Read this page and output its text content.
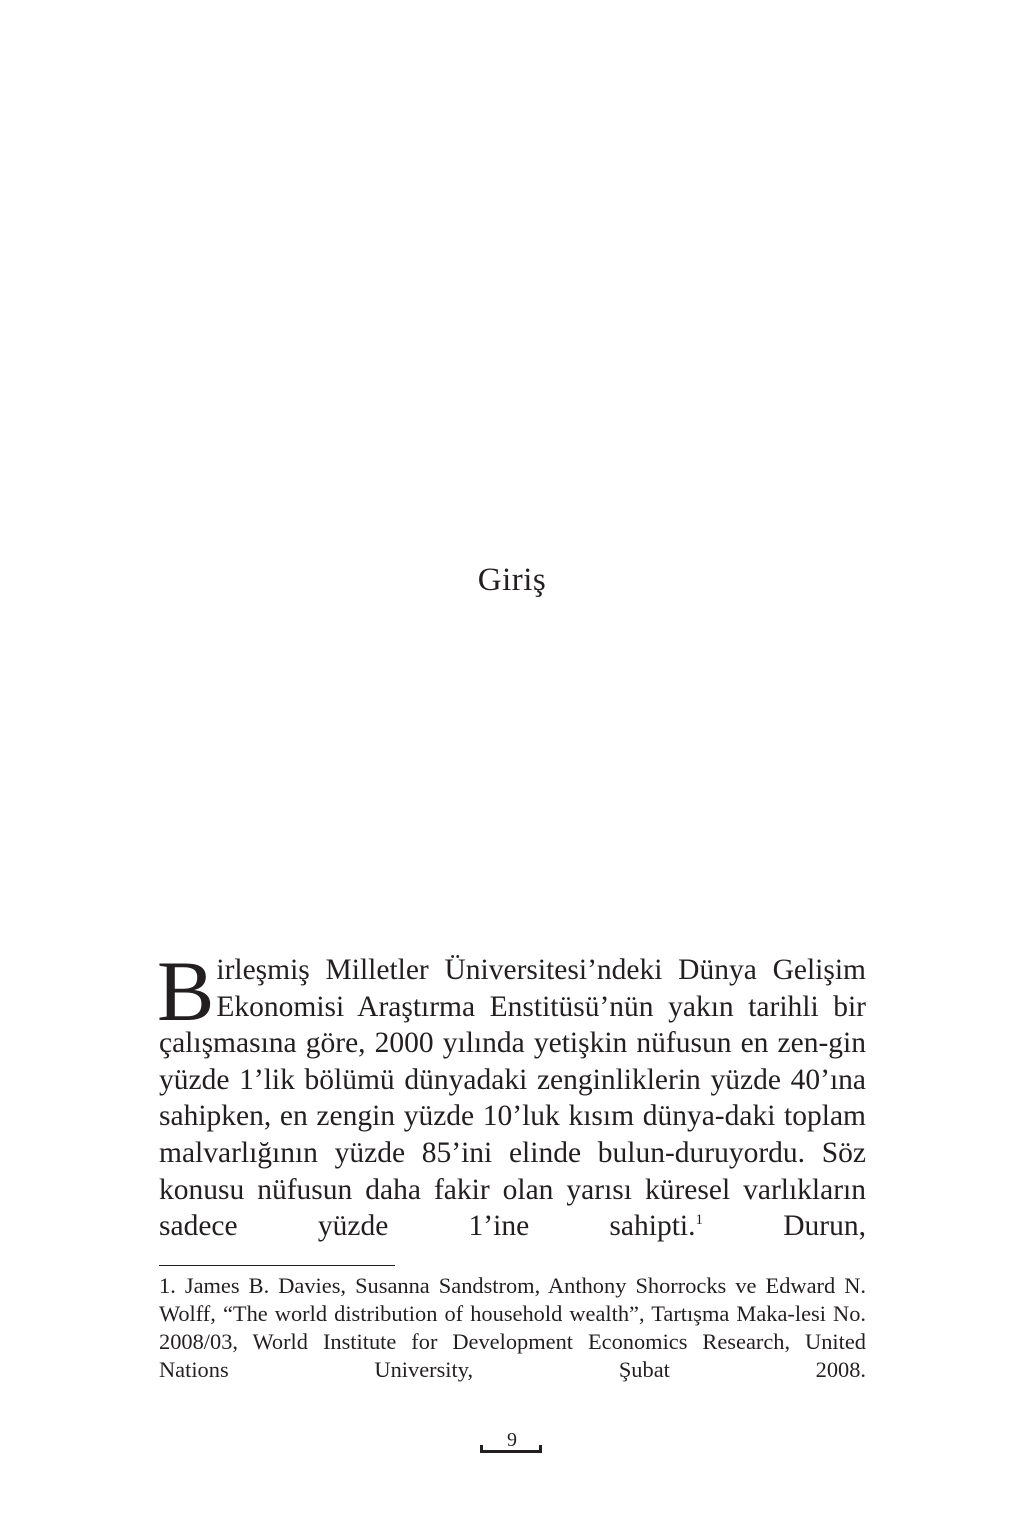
Giriş

Birleşmiş Milletler Üniversitesi’ndeki Dünya Gelişim Ekonomisi Araştırma Enstitüsü’nün yakın tarihli bir çalışmasına göre, 2000 yılında yetişkin nüfusun en zen-gin yüzde 1’lik bölümü dünyadaki zenginliklerin yüzde 40’ına sahipken, en zengin yüzde 10’luk kısım dünya-daki toplam malvarlığının yüzde 85’ini elinde bulun-duruyordu. Söz konusu nüfusun daha fakir olan yarısı küresel varlıkların sadece yüzde 1’ine sahipti.$^1$ Durun,

1. James B. Davies, Susanna Sandstrom, Anthony Shorrocks ve Edward N. Wolff, “The world distribution of household wealth”, Tartışma Maka-lesi No. 2008/03, World Institute for Development Economics Research, United Nations University, Şubat 2008.

9
